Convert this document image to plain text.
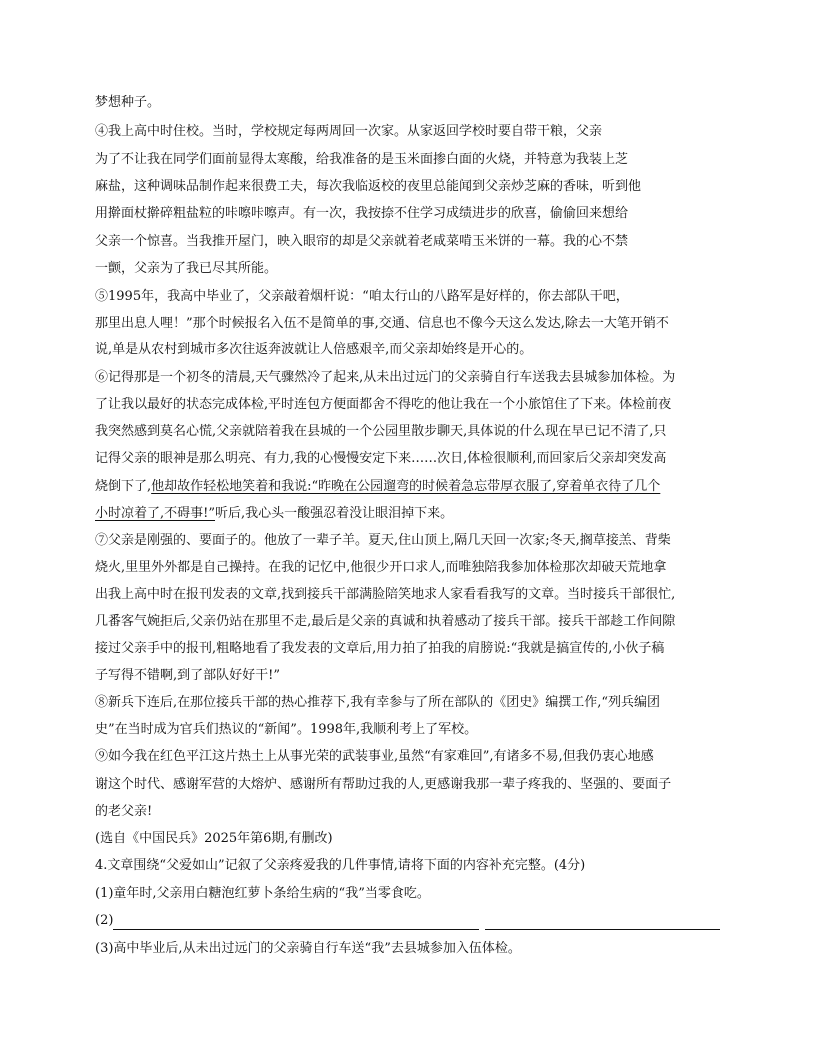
梦想种子。
④我上高中时住校。当时，学校规定每两周回一次家。从家返回学校时要自带干粮，父亲
为了不让我在同学们面前显得太寒酸，给我准备的是玉米面掺白面的火烧，并特意为我装上芝
麻盐，这种调味品制作起来很费工夫，每次我临返校的夜里总能闻到父亲炒芝麻的香味，听到他
用擀面杖擀碎粗盐粒的咔嚓咔嚓声。有一次，我按捺不住学习成绩进步的欣喜，偷偷回来想给
父亲一个惊喜。当我推开屋门，映入眼帘的却是父亲就着老咸菜啃玉米饼的一幕。我的心不禁
一颤，父亲为了我已尽其所能。
⑤1995年，我高中毕业了，父亲敲着烟杆说：“咱太行山的八路军是好样的，你去部队干吧，
那里出息人哩！”那个时候报名入伍不是简单的事,交通、信息也不像今天这么发达,除去一大笔开销不
说,单是从农村到城市多次往返奔波就让人倍感艰辛,而父亲却始终是开心的。
⑥记得那是一个初冬的清晨,天气骤然冷了起来,从未出过远门的父亲骑自行车送我去县城参加体检。为
了让我以最好的状态完成体检,平时连包方便面都舍不得吃的他让我在一个小旅馆住了下来。体检前夜
我突然感到莫名心慌,父亲就陪着我在县城的一个公园里散步聊天,具体说的什么现在早已记不清了,只
记得父亲的眼神是那么明亮、有力,我的心慢慢安定下来……次日,体检很顺利,而回家后父亲却突发高
烧倒下了,他却故作轻松地笑着和我说:“昨晚在公园遛弯的时候着急忘带厚衣服了,穿着单衣待了几个
小时凉着了,不碍事!”听后,我心头一酸强忍着没让眼泪掉下来。
⑦父亲是刚强的、要面子的。他放了一辈子羊。夏天,住山顶上,隔几天回一次家;冬天,搁草接羔、背柴
烧火,里里外外都是自己操持。在我的记忆中,他很少开口求人,而唯独陪我参加体检那次却破天荒地拿
出我上高中时在报刊发表的文章,找到接兵干部满脸陪笑地求人家看看我写的文章。当时接兵干部很忙,
几番客气婉拒后,父亲仍站在那里不走,最后是父亲的真诚和执着感动了接兵干部。接兵干部趁工作间隙
接过父亲手中的报刊,粗略地看了我发表的文章后,用力拍了拍我的肩膀说:“我就是搞宣传的,小伙子稿
子写得不错啊,到了部队好好干!”
⑧新兵下连后,在那位接兵干部的热心推荐下,我有幸参与了所在部队的《团史》编撰工作,“列兵编团
史”在当时成为官兵们热议的“新闻”。1998年,我顺利考上了军校。
⑨如今我在红色平江这片热土上从事光荣的武装事业,虽然“有家难回”,有诸多不易,但我仍衷心地感
谢这个时代、感谢军营的大熔炉、感谢所有帮助过我的人,更感谢我那一辈子疼我的、坚强的、要面子
的老父亲!
(选自《中国民兵》2025年第6期,有删改)
4.文章围绕“父爱如山”记叙了父亲疼爱我的几件事情,请将下面的内容补充完整。(4分)
(1)童年时,父亲用白糖泡红萝卜条给生病的“我”当零食吃。
(2)
(3)高中毕业后,从未出过远门的父亲骑自行车送“我”去县城参加入伍体检。
